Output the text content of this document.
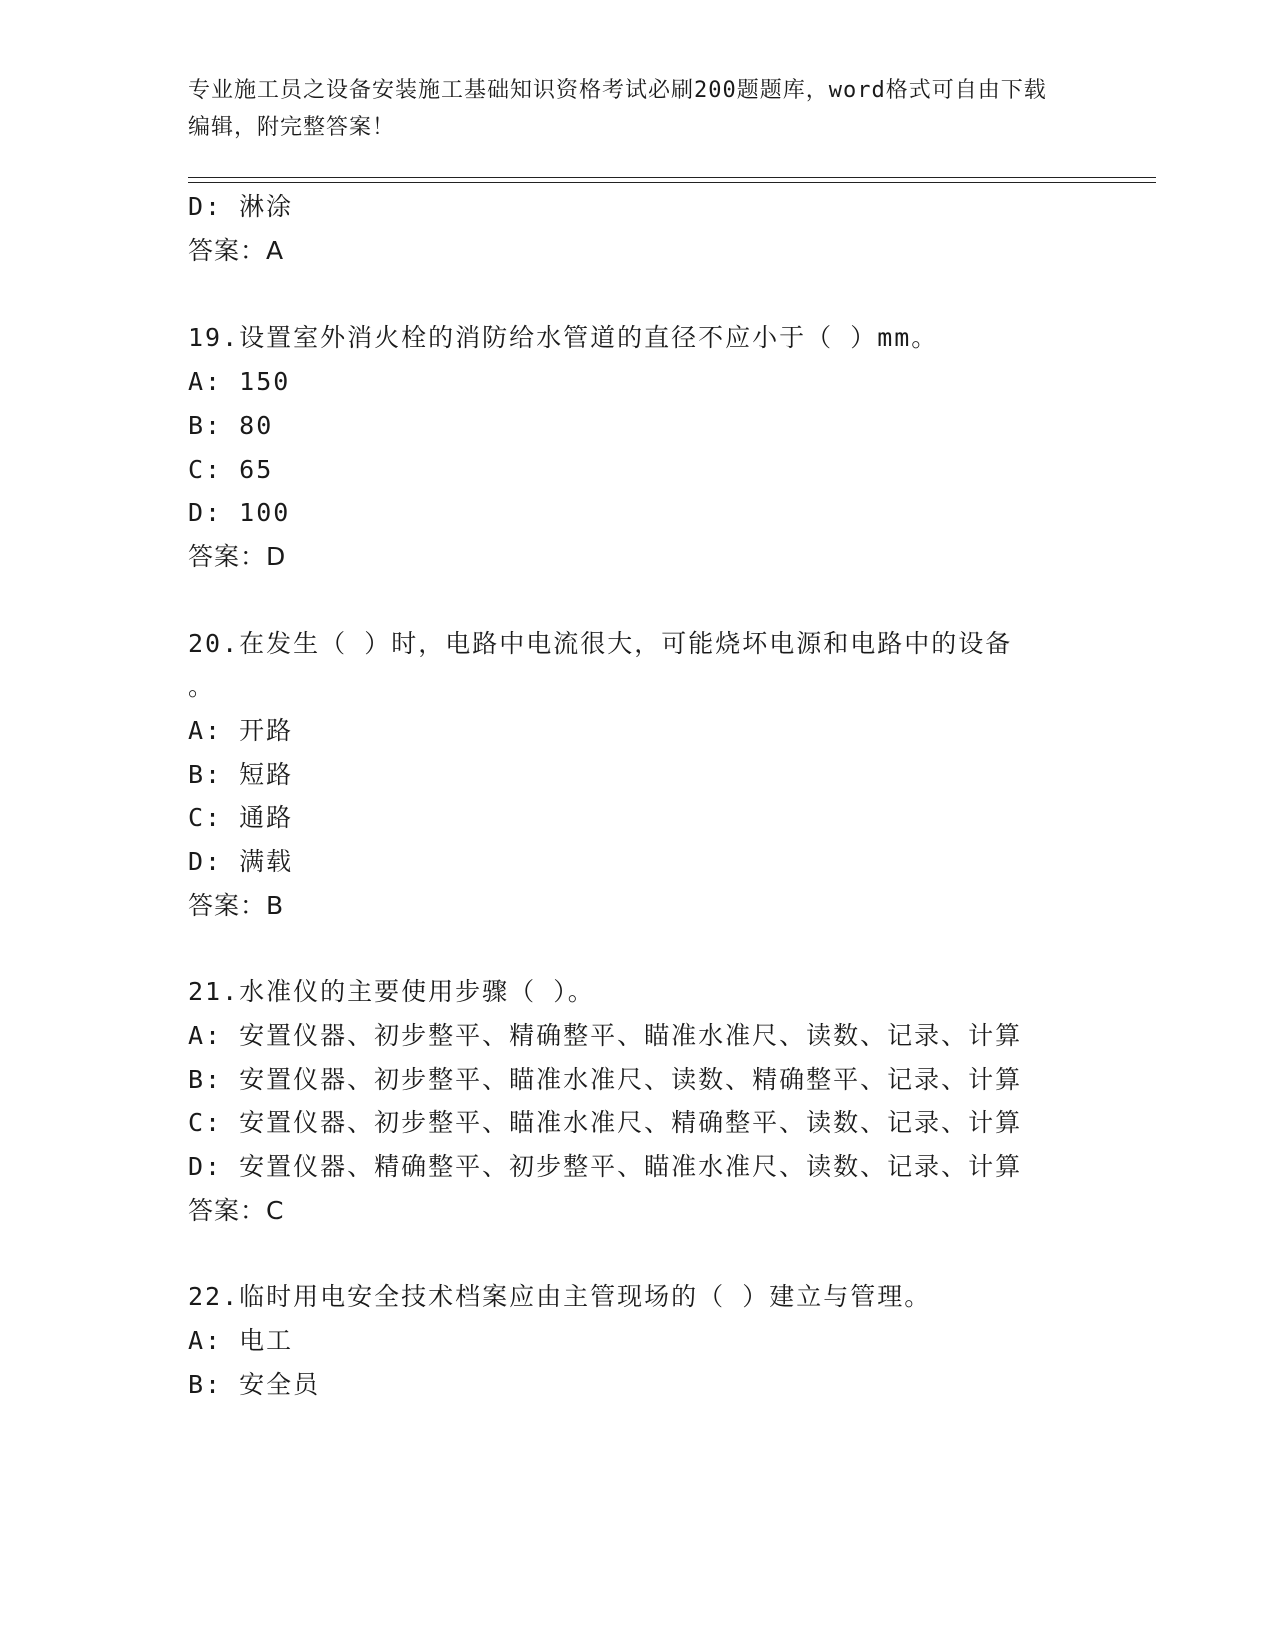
专业施工员之设备安装施工基础知识资格考试必刷200题题库，word格式可自由下载编辑，附完整答案！
D: 淋涂
答案：A
19.设置室外消火栓的消防给水管道的直径不应小于（ ）mm。
A: 150
B: 80
C: 65
D: 100
答案：D
20.在发生（ ）时，电路中电流很大，可能烧坏电源和电路中的设备
。
A: 开路
B: 短路
C: 通路
D: 满载
答案：B
21.水准仪的主要使用步骤（ ）。
A: 安置仪器、初步整平、精确整平、瞄准水准尺、读数、记录、计算
B: 安置仪器、初步整平、瞄准水准尺、读数、精确整平、记录、计算
C: 安置仪器、初步整平、瞄准水准尺、精确整平、读数、记录、计算
D: 安置仪器、精确整平、初步整平、瞄准水准尺、读数、记录、计算
答案：C
22.临时用电安全技术档案应由主管现场的（ ）建立与管理。
A: 电工
B: 安全员
